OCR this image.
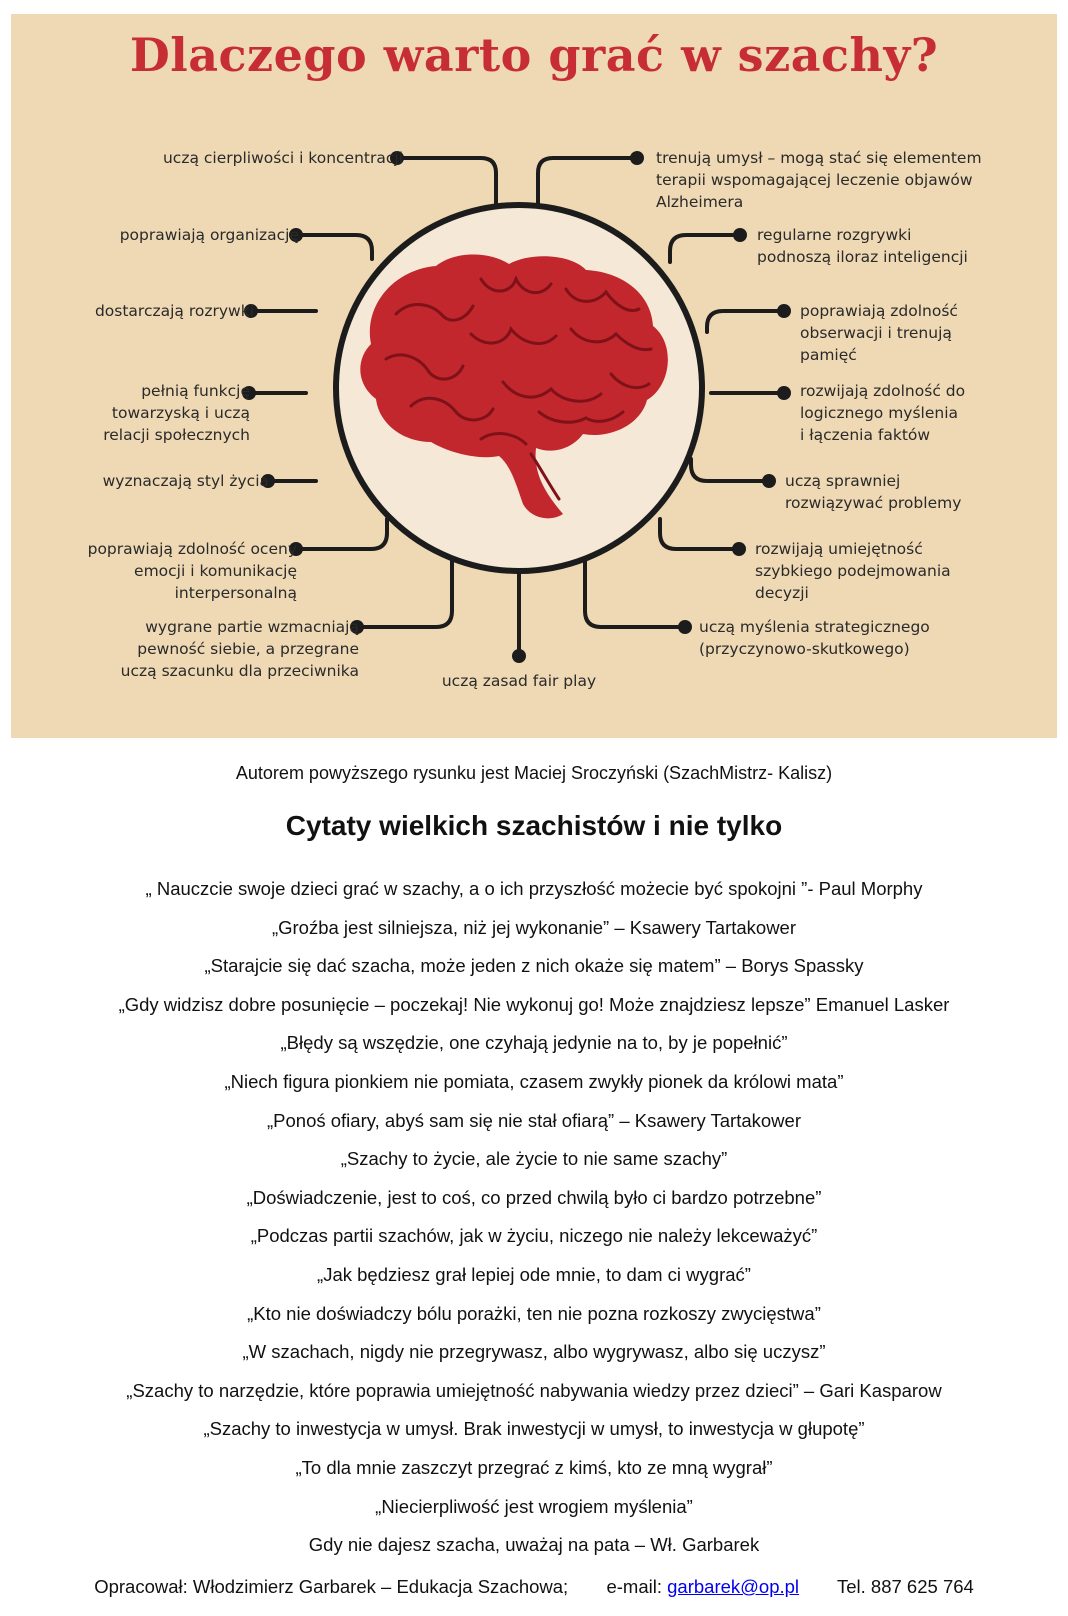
Dlaczego warto grać w szachy?
uczą cierpliwości i koncentracji
poprawiają organizację
dostarczają rozrywki
pełnią funkcję
towarzyską i uczą
relacji społecznych
wyznaczają styl życia
poprawiają zdolność oceny
emocji i komunikację
interpersonalną
wygrane partie wzmacniają
pewność siebie, a przegrane
uczą szacunku dla przeciwnika
trenują umysł – mogą stać się elementem
terapii wspomagającej leczenie objawów
Alzheimera
regularne rozgrywki
podnoszą iloraz inteligencji
poprawiają zdolność
obserwacji i trenują
pamięć
rozwijają zdolność do
logicznego myślenia
i łączenia faktów
uczą sprawniej
rozwiązywać problemy
rozwijają umiejętność
szybkiego podejmowania
decyzji
uczą myślenia strategicznego
(przyczynowo-skutkowego)
uczą zasad fair play
Autorem powyższego rysunku jest Maciej Sroczyński (SzachMistrz- Kalisz)
Cytaty wielkich szachistów i nie tylko
„ Nauczcie swoje dzieci grać w szachy, a o ich przyszłość możecie być spokojni ”- Paul Morphy
„Groźba jest silniejsza, niż jej wykonanie” – Ksawery Tartakower
„Starajcie się dać szacha, może jeden z nich okaże się matem” – Borys Spassky
„Gdy widzisz dobre posunięcie – poczekaj! Nie wykonuj go! Może znajdziesz lepsze” Emanuel Lasker
„Błędy są wszędzie, one czyhają jedynie na to, by je popełnić”
„Niech figura pionkiem nie pomiata, czasem zwykły pionek da królowi mata”
„Ponoś ofiary, abyś sam się nie stał ofiarą” – Ksawery Tartakower
„Szachy to życie, ale życie to nie same szachy”
„Doświadczenie, jest to coś, co przed chwilą było ci bardzo potrzebne”
„Podczas partii szachów, jak w życiu, niczego nie należy lekceważyć”
„Jak będziesz grał lepiej ode mnie, to dam ci wygrać”
„Kto nie doświadczy bólu porażki, ten nie pozna rozkoszy zwycięstwa”
„W szachach, nigdy nie przegrywasz, albo wygrywasz, albo się uczysz”
„Szachy to narzędzie, które poprawia umiejętność nabywania wiedzy przez dzieci” – Gari Kasparow
„Szachy to inwestycja w umysł. Brak inwestycji w umysł, to inwestycja w głupotę”
„To dla mnie zaszczyt przegrać z kimś, kto ze mną wygrał”
„Niecierpliwość jest wrogiem myślenia”
Gdy nie dajesz szacha, uważaj na pata – Wł. Garbarek
Opracował: Włodzimierz Garbarek – Edukacja Szachowa; e-mail: garbarek@op.pl Tel. 887 625 764
